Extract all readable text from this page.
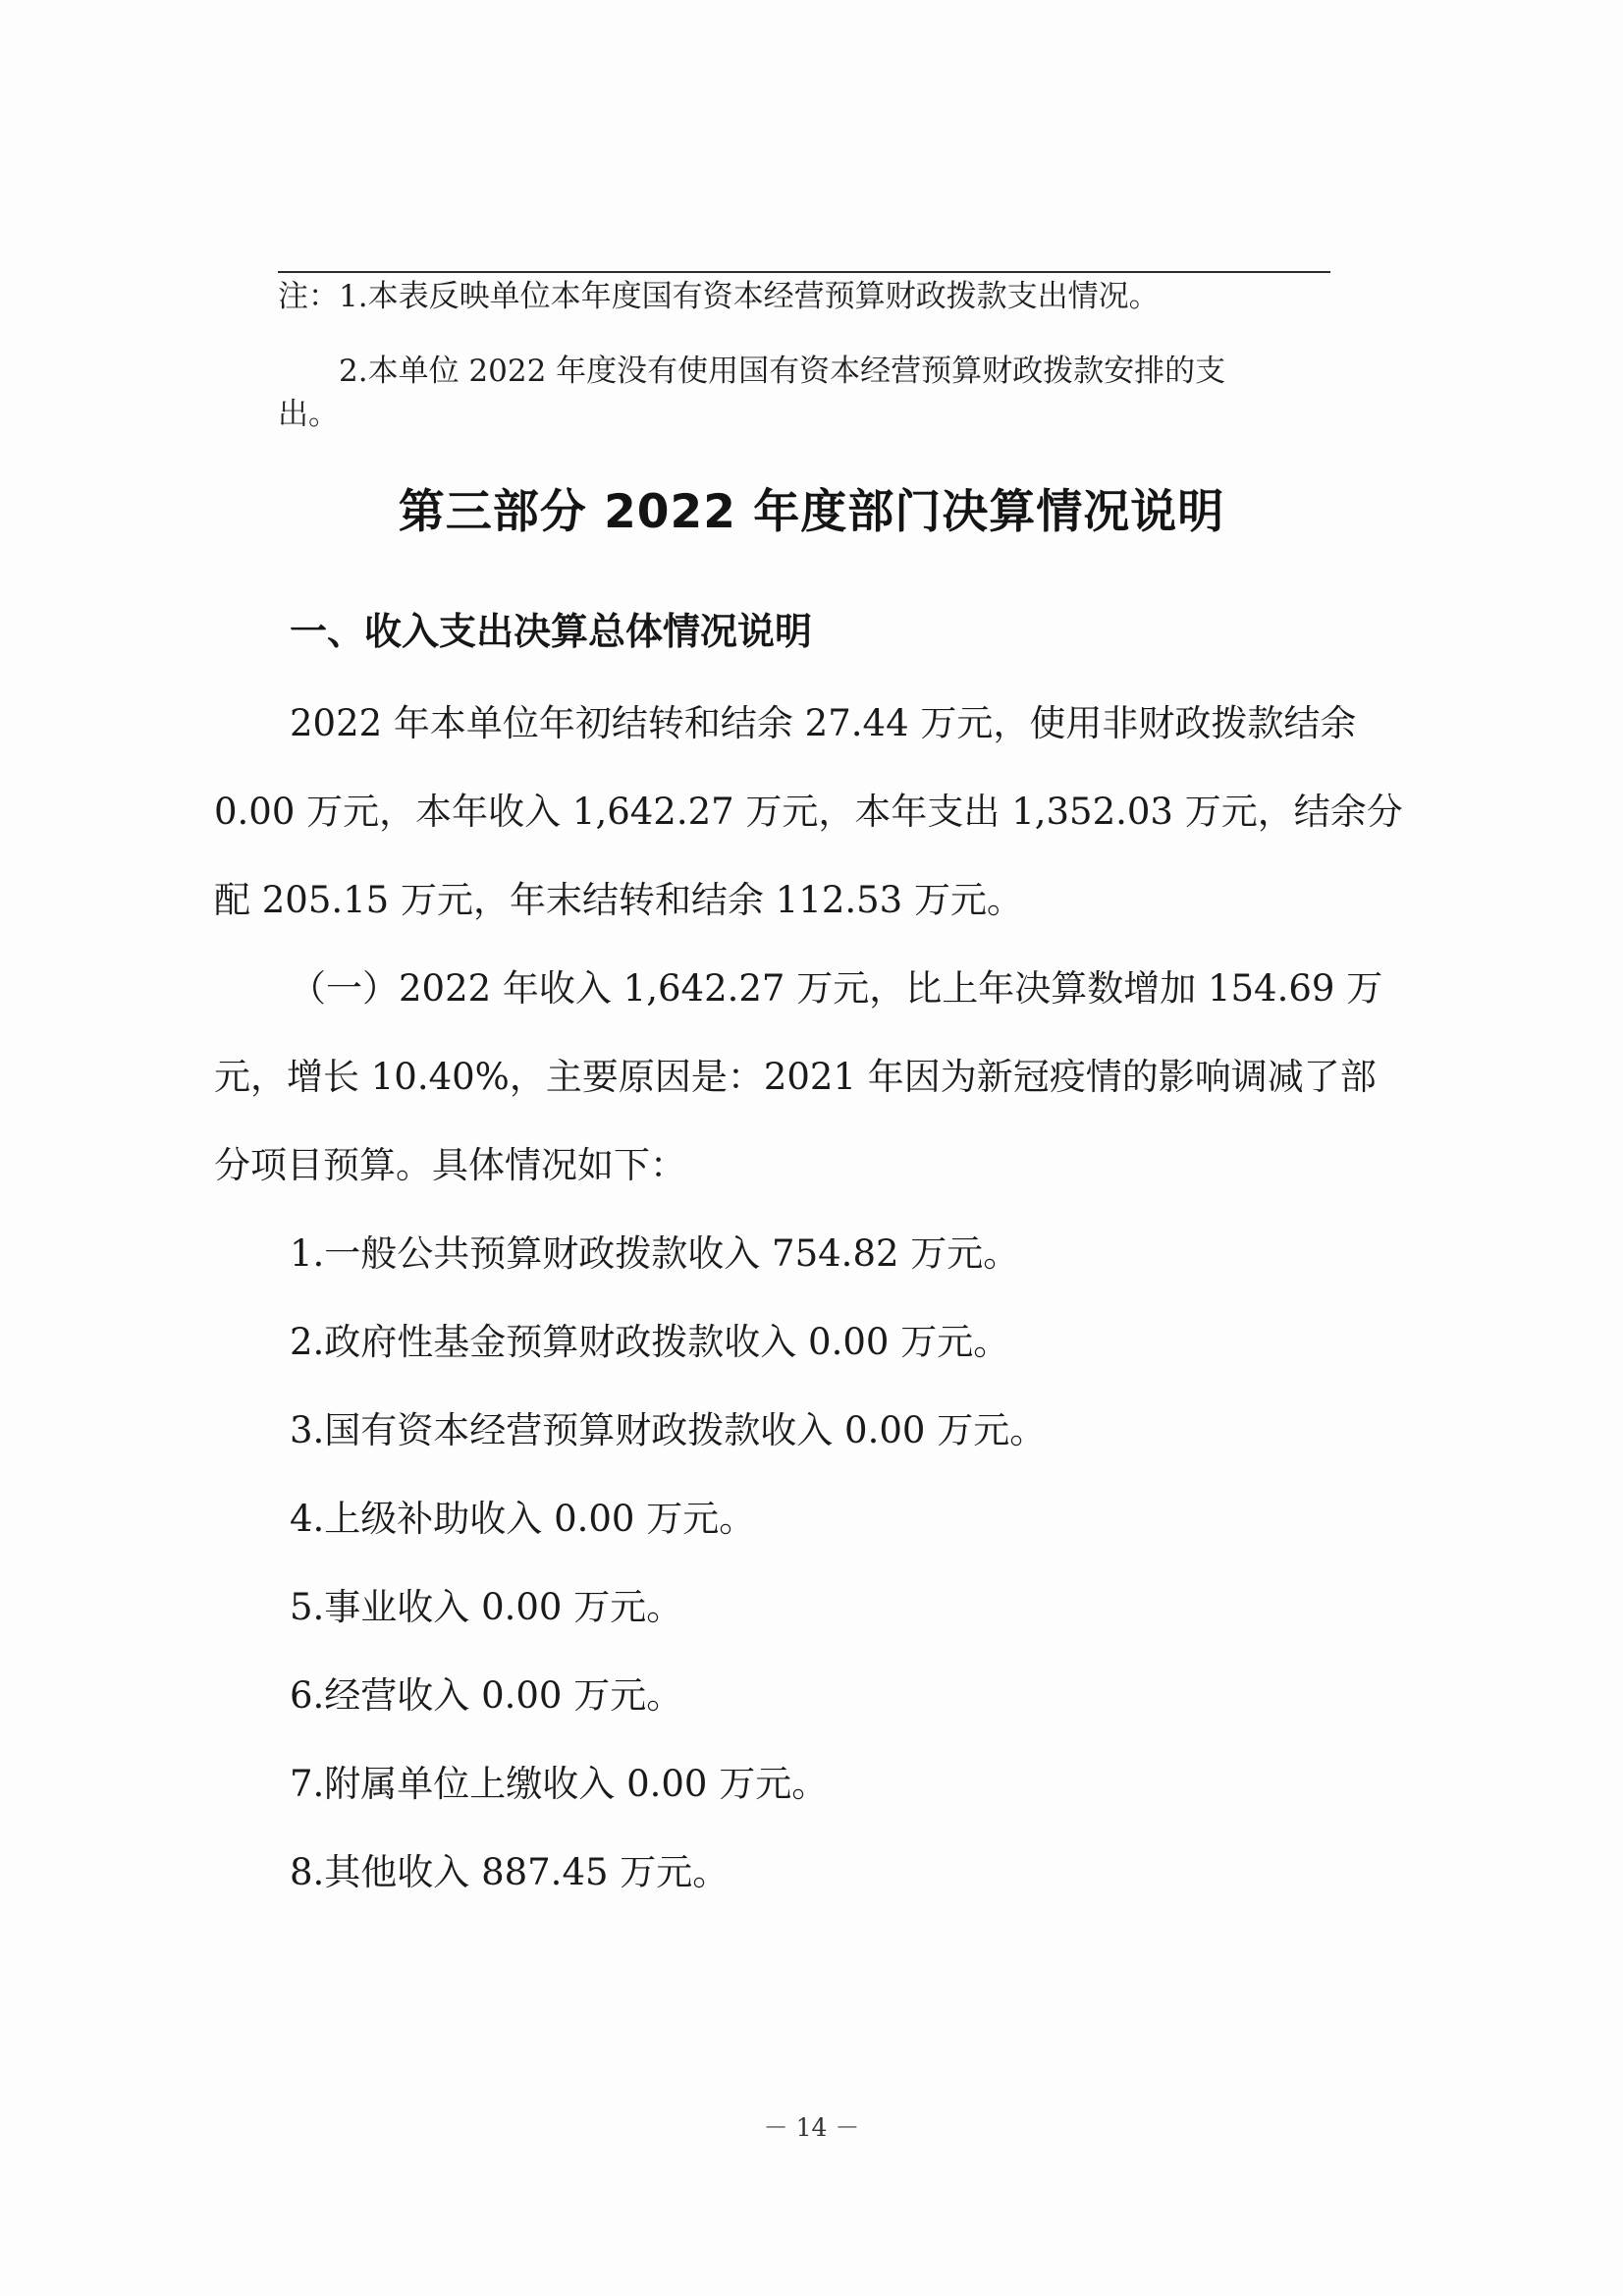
注：1.本表反映单位本年度国有资本经营预算财政拨款支出情况。
2.本单位 2022 年度没有使用国有资本经营预算财政拨款安排的支
出。
第三部分 2022 年度部门决算情况说明
一、收入支出决算总体情况说明
2022 年本单位年初结转和结余 27.44 万元，使用非财政拨款结余
0.00 万元，本年收入 1,642.27 万元，本年支出 1,352.03 万元，结余分
配 205.15 万元，年末结转和结余 112.53 万元。
（一）2022 年收入 1,642.27 万元，比上年决算数增加 154.69 万
元，增长 10.40%，主要原因是：2021 年因为新冠疫情的影响调减了部
分项目预算。具体情况如下：
1.一般公共预算财政拨款收入 754.82 万元。
2.政府性基金预算财政拨款收入 0.00 万元。
3.国有资本经营预算财政拨款收入 0.00 万元。
4.上级补助收入 0.00 万元。
5.事业收入 0.00 万元。
6.经营收入 0.00 万元。
7.附属单位上缴收入 0.00 万元。
8.其他收入 887.45 万元。
－ 14 －
